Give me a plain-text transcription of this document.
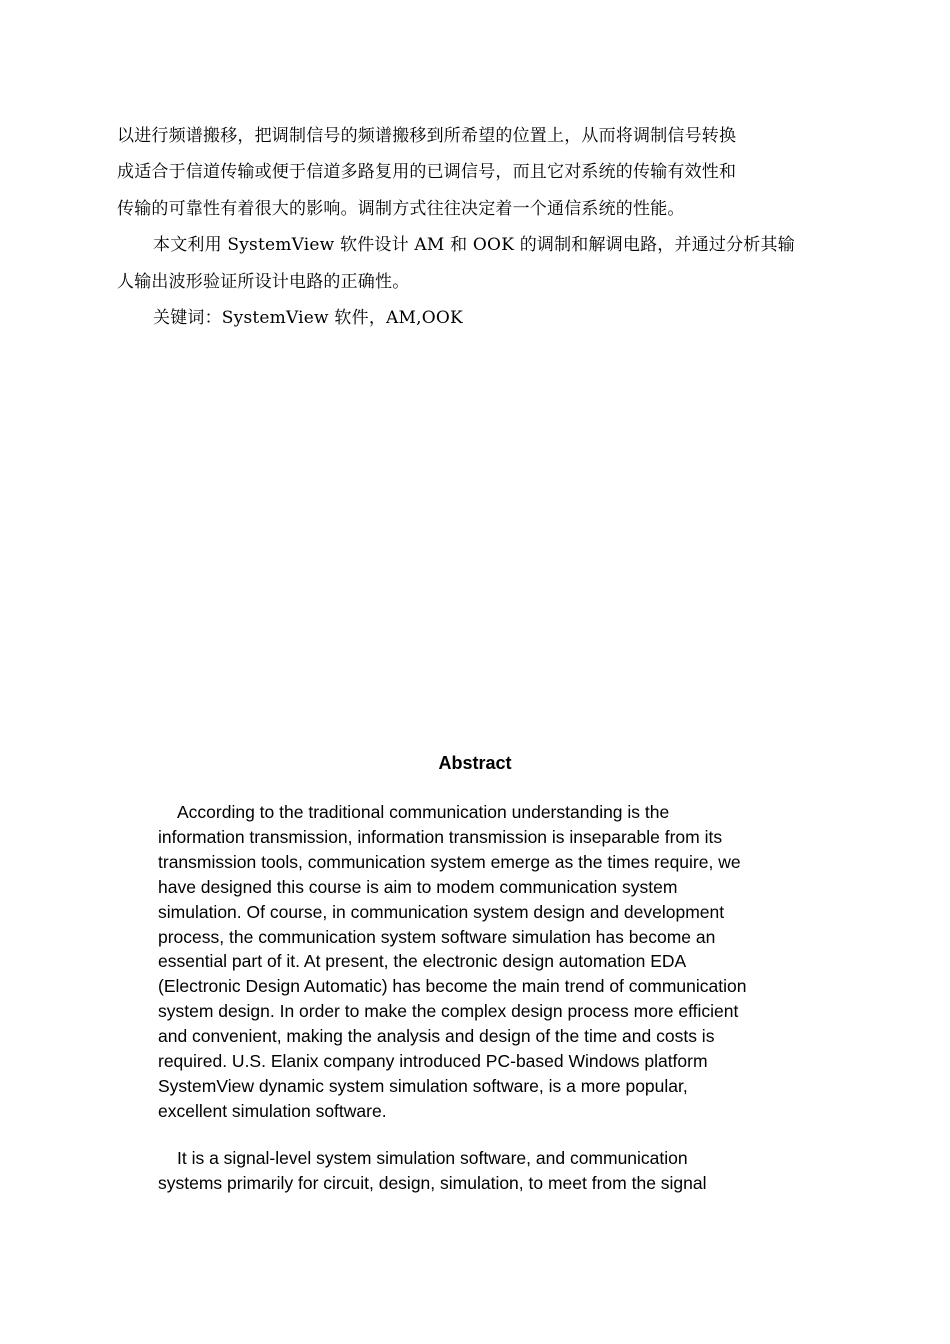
以进行频谱搬移，把调制信号的频谱搬移到所希望的位置上，从而将调制信号转换

成适合于信道传输或便于信道多路复用的已调信号，而且它对系统的传输有效性和

传输的可靠性有着很大的影响。调制方式往往决定着一个通信系统的性能。

本文利用 SystemView 软件设计 AM 和 OOK 的调制和解调电路，并通过分析其输

人输出波形验证所设计电路的正确性。

关键词：SystemView 软件，AM,OOK

Abstract

According to the traditional communication understanding is the
information transmission, information transmission is inseparable from its
transmission tools, communication system emerge as the times require, we
have designed this course is aim to modem communication system
simulation. Of course, in communication system design and development
process, the communication system software simulation has become an
essential part of it. At present, the electronic design automation EDA
(Electronic Design Automatic) has become the main trend of communication
system design. In order to make the complex design process more efficient
and convenient, making the analysis and design of the time and costs is
required. U.S. Elanix company introduced PC-based Windows platform
SystemView dynamic system simulation software, is a more popular,
excellent simulation software.

It is a signal-level system simulation software, and communication
systems primarily for circuit, design, simulation, to meet from the signal
